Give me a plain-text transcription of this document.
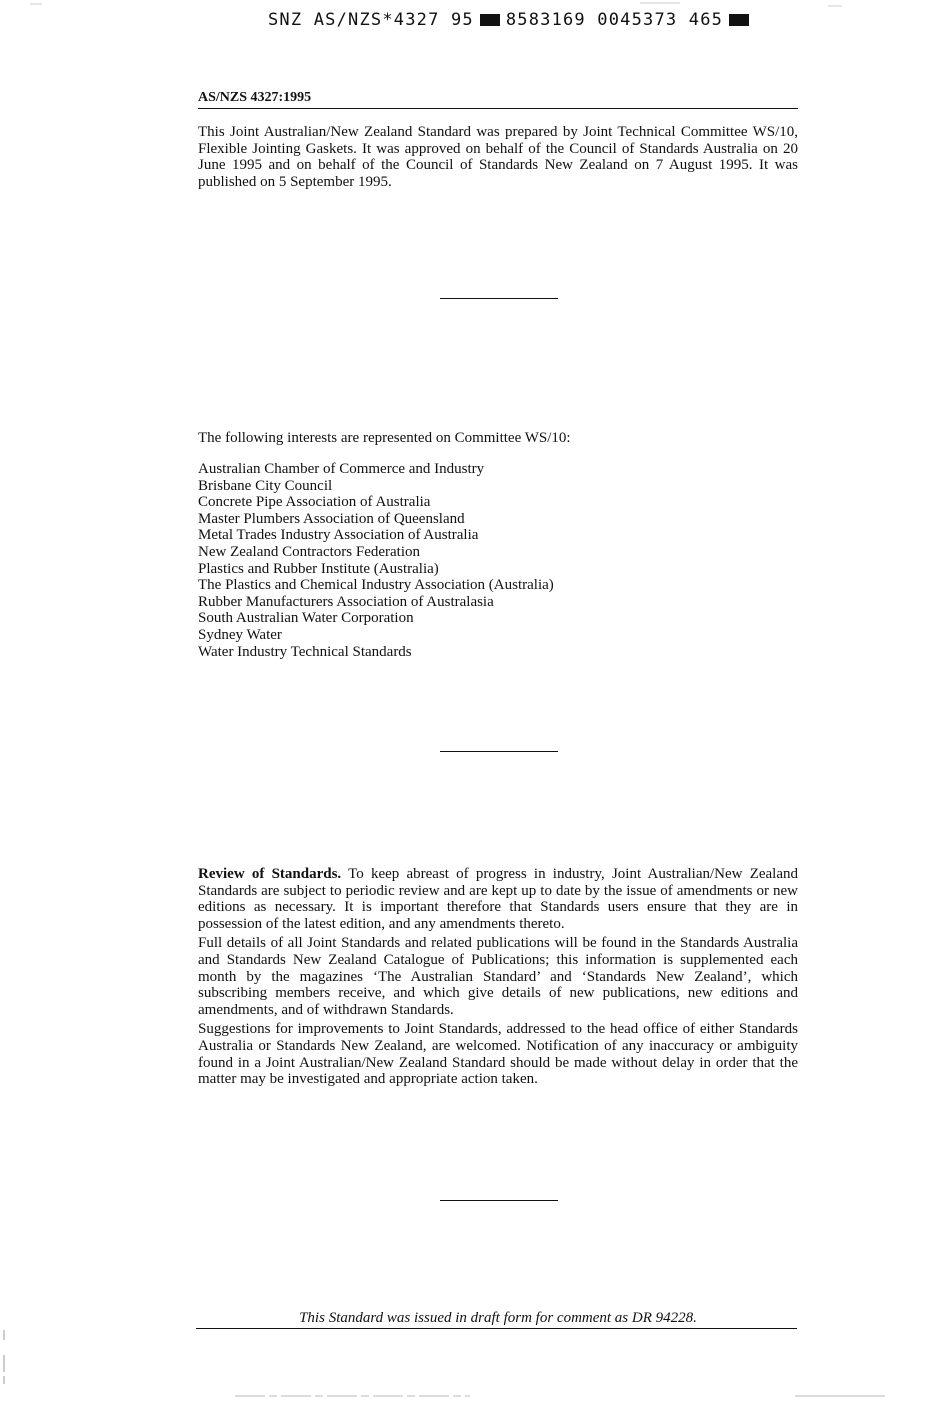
SNZ AS/NZS*4327 95 8583169 0045373 465
AS/NZS 4327:1995
This Joint Australian/New Zealand Standard was prepared by Joint Technical Committee WS/10, Flexible Jointing Gaskets. It was approved on behalf of the Council of Standards Australia on 20 June 1995 and on behalf of the Council of Standards New Zealand on 7 August 1995. It was published on 5 September 1995.
The following interests are represented on Committee WS/10:
Australian Chamber of Commerce and Industry
Brisbane City Council
Concrete Pipe Association of Australia
Master Plumbers Association of Queensland
Metal Trades Industry Association of Australia
New Zealand Contractors Federation
Plastics and Rubber Institute (Australia)
The Plastics and Chemical Industry Association (Australia)
Rubber Manufacturers Association of Australasia
South Australian Water Corporation
Sydney Water
Water Industry Technical Standards

Review of Standards. To keep abreast of progress in industry, Joint Australian/New Zealand Standards are subject to periodic review and are kept up to date by the issue of amendments or new editions as necessary. It is important therefore that Standards users ensure that they are in possession of the latest edition, and any amendments thereto.

Full details of all Joint Standards and related publications will be found in the Standards Australia and Standards New Zealand Catalogue of Publications; this information is supplemented each month by the magazines ‘The Australian Standard’ and ‘Standards New Zealand’, which subscribing members receive, and which give details of new publications, new editions and amendments, and of withdrawn Standards.

Suggestions for improvements to Joint Standards, addressed to the head office of either Standards Australia or Standards New Zealand, are welcomed. Notification of any inaccuracy or ambiguity found in a Joint Australian/New Zealand Standard should be made without delay in order that the matter may be investigated and appropriate action taken.

This Standard was issued in draft form for comment as DR 94228.
